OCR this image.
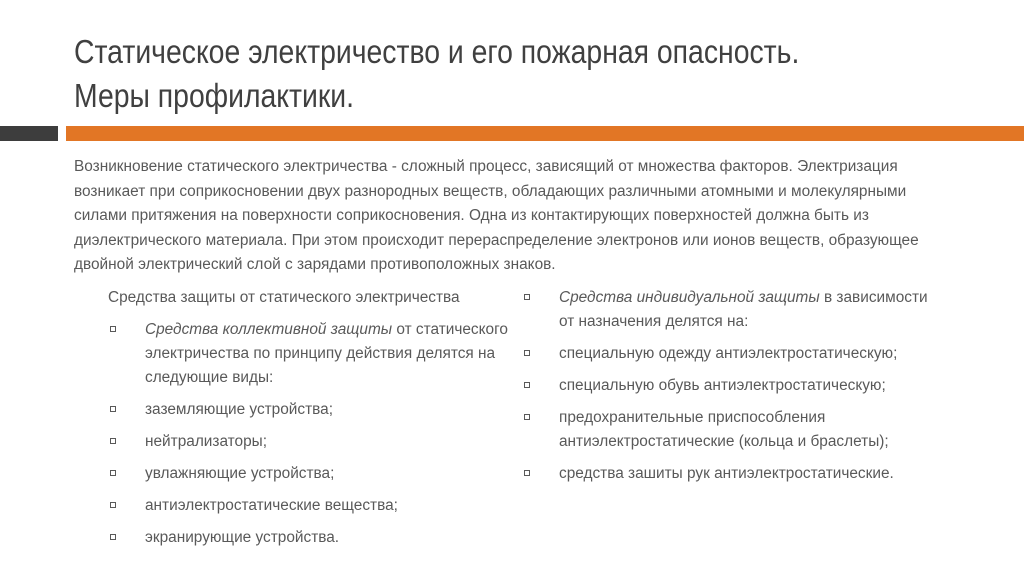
Статическое электричество и его пожарная опасность.
Меры профилактики.
Возникновение статического электричества - сложный процесс, зависящий от множества факторов. Электризация
возникает при соприкосновении двух разнородных веществ, обладающих различными атомными и молекулярными
силами притяжения на поверхности соприкосновения. Одна из контактирующих поверхностей должна быть из
диэлектрического материала. При этом происходит перераспределение электронов или ионов веществ, образующее
двойной электрический слой с зарядами противоположных знаков.
Средства защиты от статического электричества
Средства коллективной защиты от статического
электричества по принципу действия делятся на
следующие виды:
заземляющие устройства;
нейтрализаторы;
увлажняющие устройства;
антиэлектростатические вещества;
экранирующие устройства.
Средства индивидуальной защиты в зависимости
от назначения делятся на:
специальную одежду антиэлектростатическую;
специальную обувь антиэлектростатическую;
предохранительные приспособления
антиэлектростатические (кольца и браслеты);
средства зашиты рук антиэлектростатические.
